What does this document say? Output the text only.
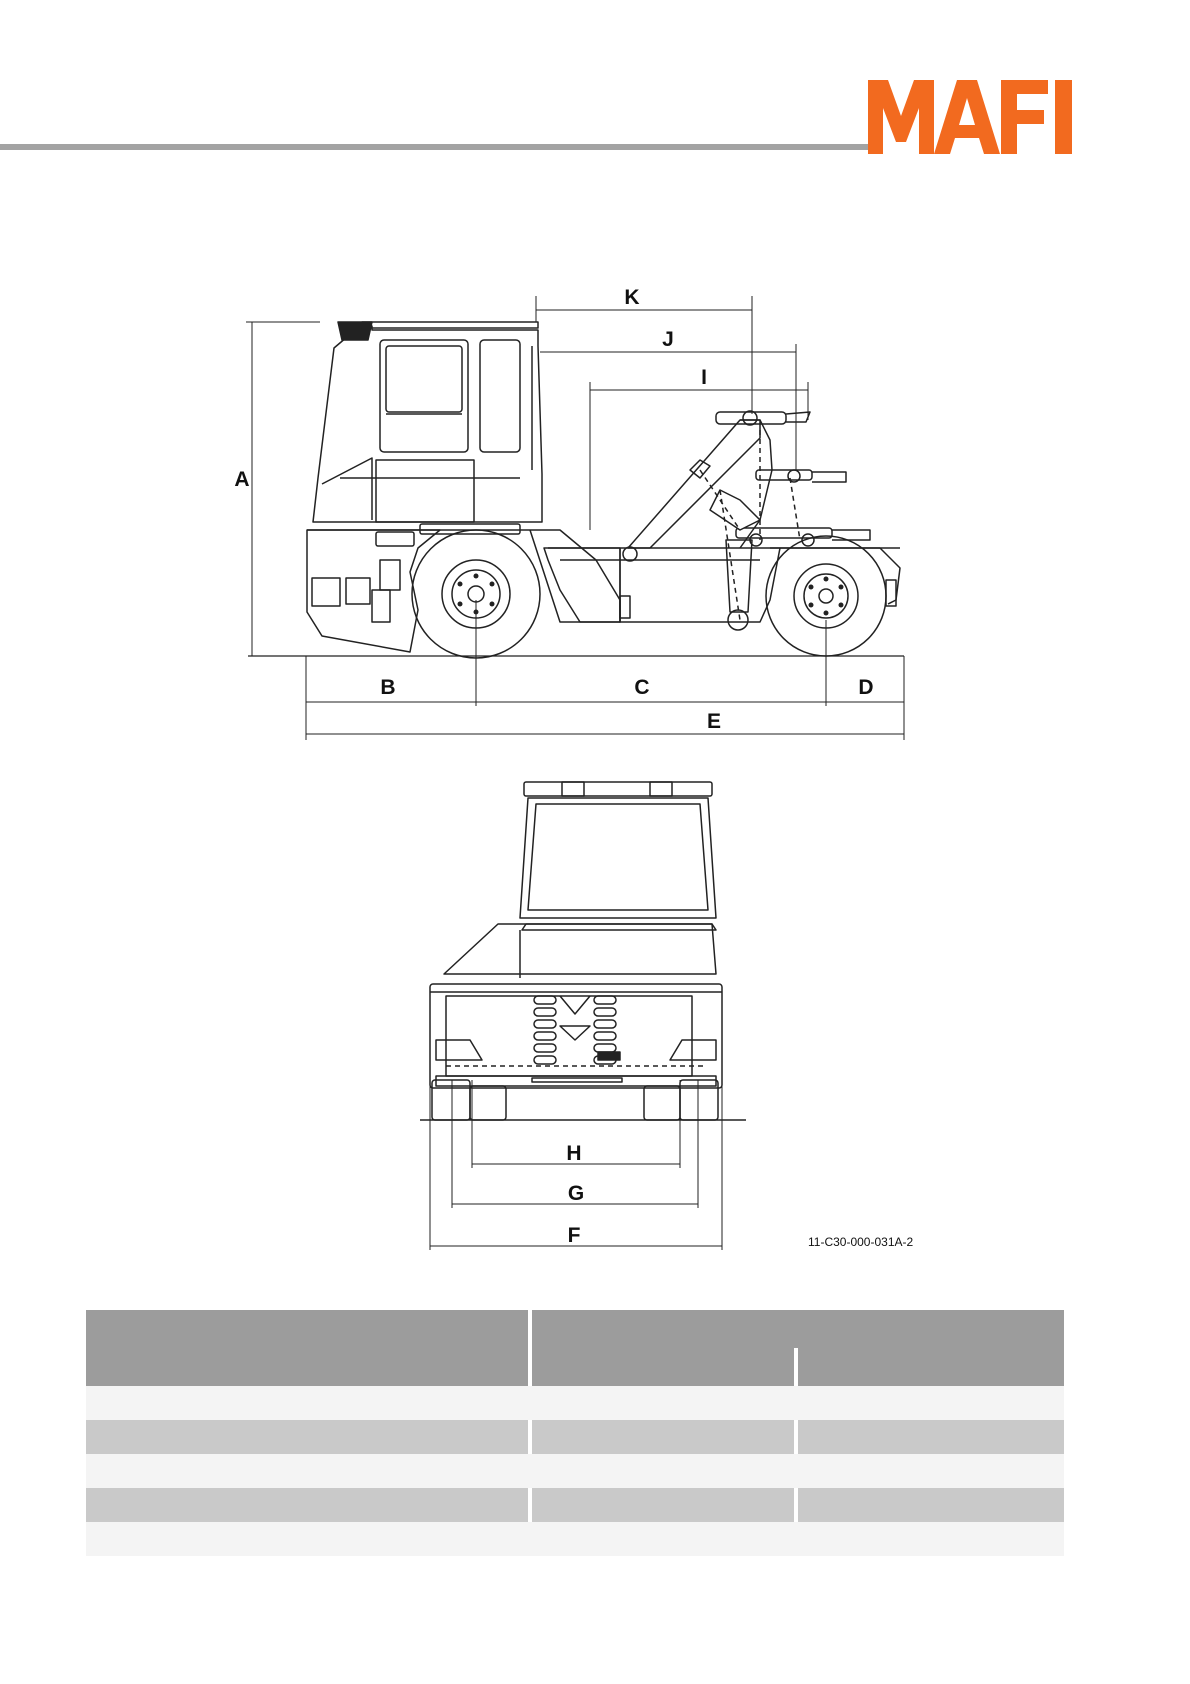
A
B	C	D
E
K
J
I
H
G
F	11-C30-000-031A-2
